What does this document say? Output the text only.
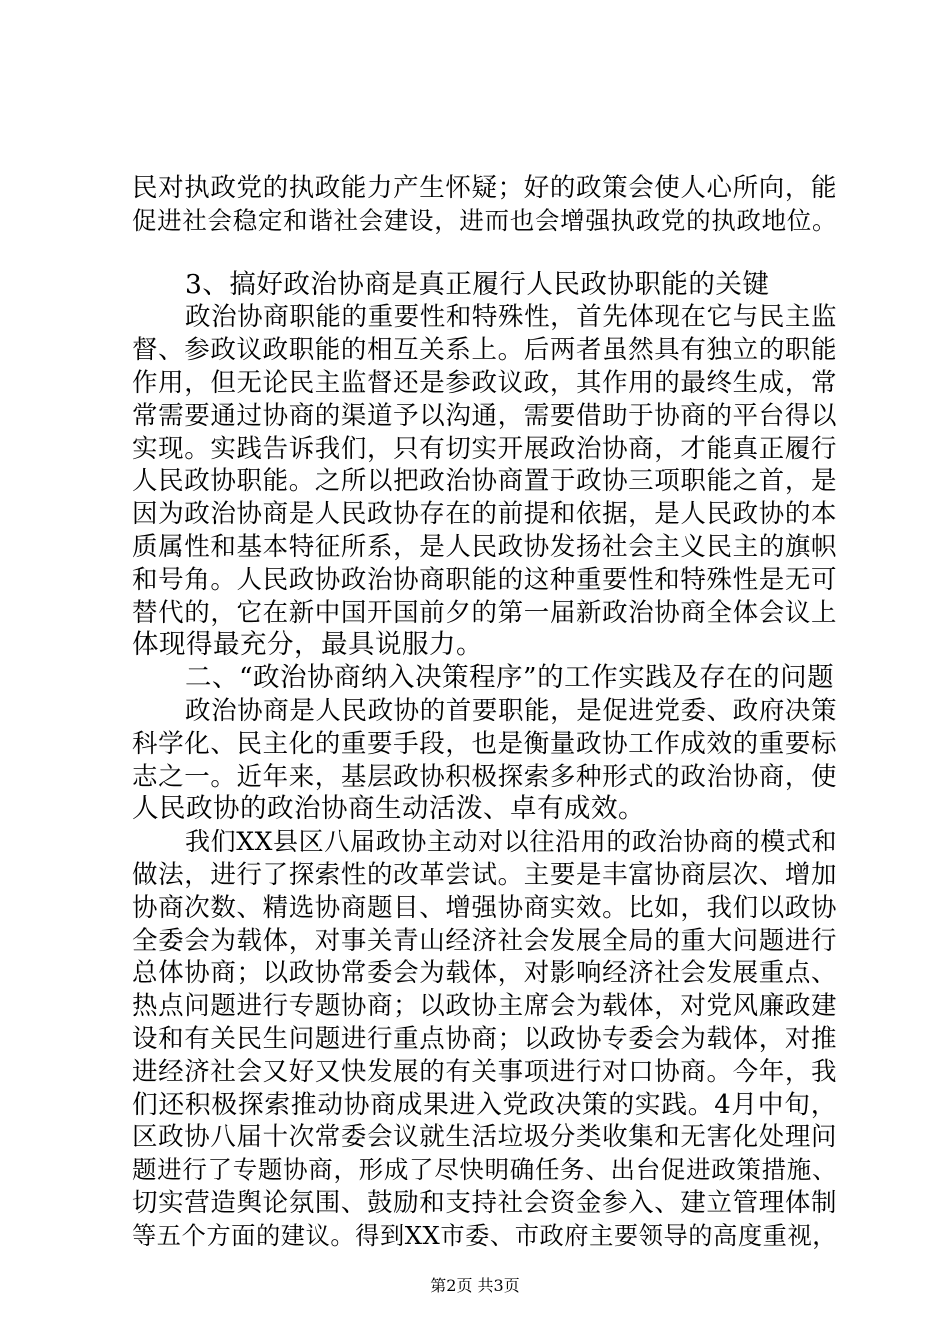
民对执政党的执政能力产生怀疑；好的政策会使人心所向，能
促进社会稳定和谐社会建设，进而也会增强执政党的执政地位。
3、搞好政治协商是真正履行人民政协职能的关键
政治协商职能的重要性和特殊性，首先体现在它与民主监
督、参政议政职能的相互关系上。后两者虽然具有独立的职能
作用，但无论民主监督还是参政议政，其作用的最终生成，常
常需要通过协商的渠道予以沟通，需要借助于协商的平台得以
实现。实践告诉我们，只有切实开展政治协商，才能真正履行
人民政协职能。之所以把政治协商置于政协三项职能之首，是
因为政治协商是人民政协存在的前提和依据，是人民政协的本
质属性和基本特征所系，是人民政协发扬社会主义民主的旗帜
和号角。人民政协政治协商职能的这种重要性和特殊性是无可
替代的，它在新中国开国前夕的第一届新政治协商全体会议上
体现得最充分，最具说服力。
二、“政治协商纳入决策程序”的工作实践及存在的问题
政治协商是人民政协的首要职能，是促进党委、政府决策
科学化、民主化的重要手段，也是衡量政协工作成效的重要标
志之一。近年来，基层政协积极探索多种形式的政治协商，使
人民政协的政治协商生动活泼、卓有成效。
我们XX县区八届政协主动对以往沿用的政治协商的模式和
做法，进行了探索性的改革尝试。主要是丰富协商层次、增加
协商次数、精选协商题目、增强协商实效。比如，我们以政协
全委会为载体，对事关青山经济社会发展全局的重大问题进行
总体协商；以政协常委会为载体，对影响经济社会发展重点、
热点问题进行专题协商；以政协主席会为载体，对党风廉政建
设和有关民生问题进行重点协商；以政协专委会为载体，对推
进经济社会又好又快发展的有关事项进行对口协商。今年，我
们还积极探索推动协商成果进入党政决策的实践。4月中旬，
区政协八届十次常委会议就生活垃圾分类收集和无害化处理问
题进行了专题协商，形成了尽快明确任务、出台促进政策措施、
切实营造舆论氛围、鼓励和支持社会资金参入、建立管理体制
等五个方面的建议。得到XX市委、市政府主要领导的高度重视，
第2页 共3页
